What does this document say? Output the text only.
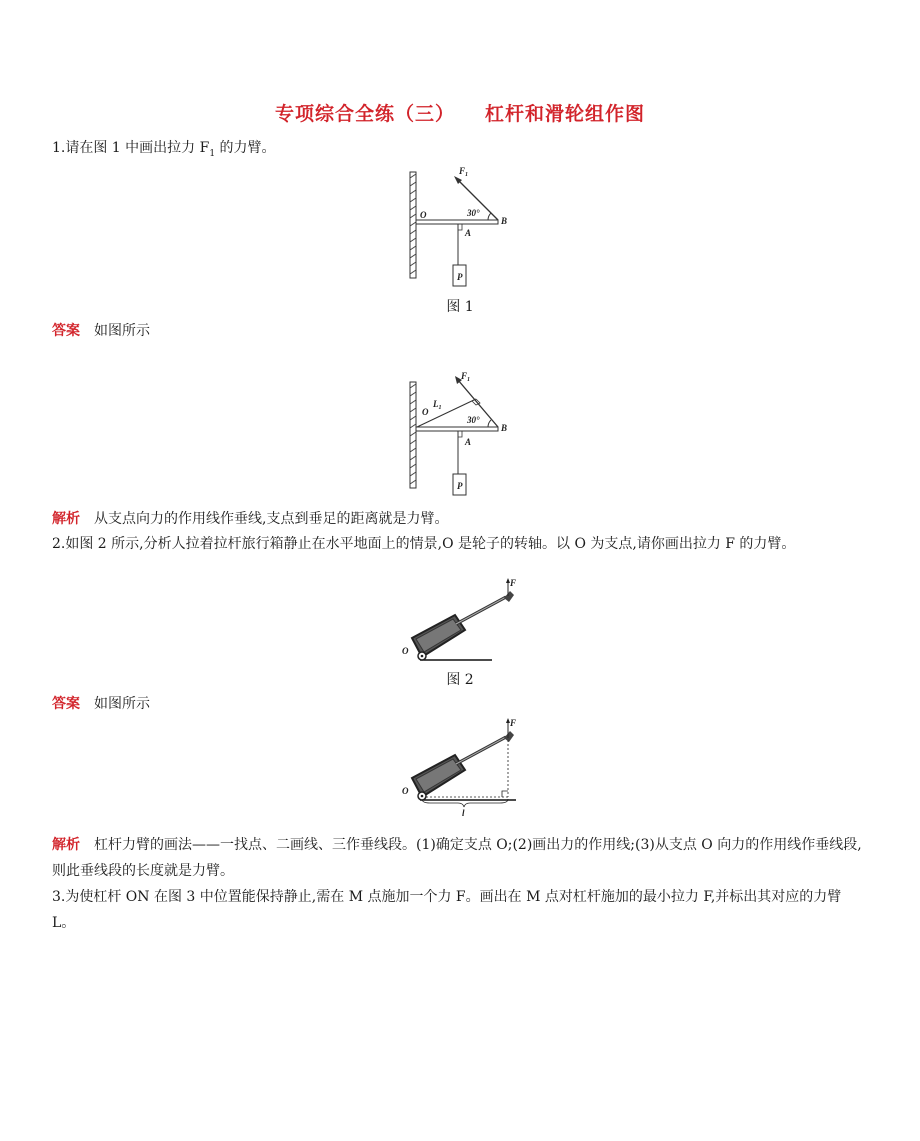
专项综合全练（三） 杠杆和滑轮组作图
1.请在图 1 中画出拉力 $F_1$ 的力臂。
$F_1$
30°
O
B
A
P
图 1
答案 如图所示
$F_1$
$L_1$
O
30°
B
A
P
解析 从支点向力的作用线作垂线,支点到垂足的距离就是力臂。
2.如图 2 所示,分析人拉着拉杆旅行箱静止在水平地面上的情景,O 是轮子的转轴。以 O 为支点,请你画出拉力 F 的力臂。
F
O
图 2
答案 如图所示
F
O
l
解析 杠杆力臂的画法——一找点、二画线、三作垂线段。(1)确定支点 O;(2)画出力的作用线;(3)从支点 O 向力的作用线作垂线段,则此垂线段的长度就是力臂。
3.为使杠杆 ON 在图 3 中位置能保持静止,需在 M 点施加一个力 F。画出在 M 点对杠杆施加的最小拉力 F,并标出其对应的力臂 L。
